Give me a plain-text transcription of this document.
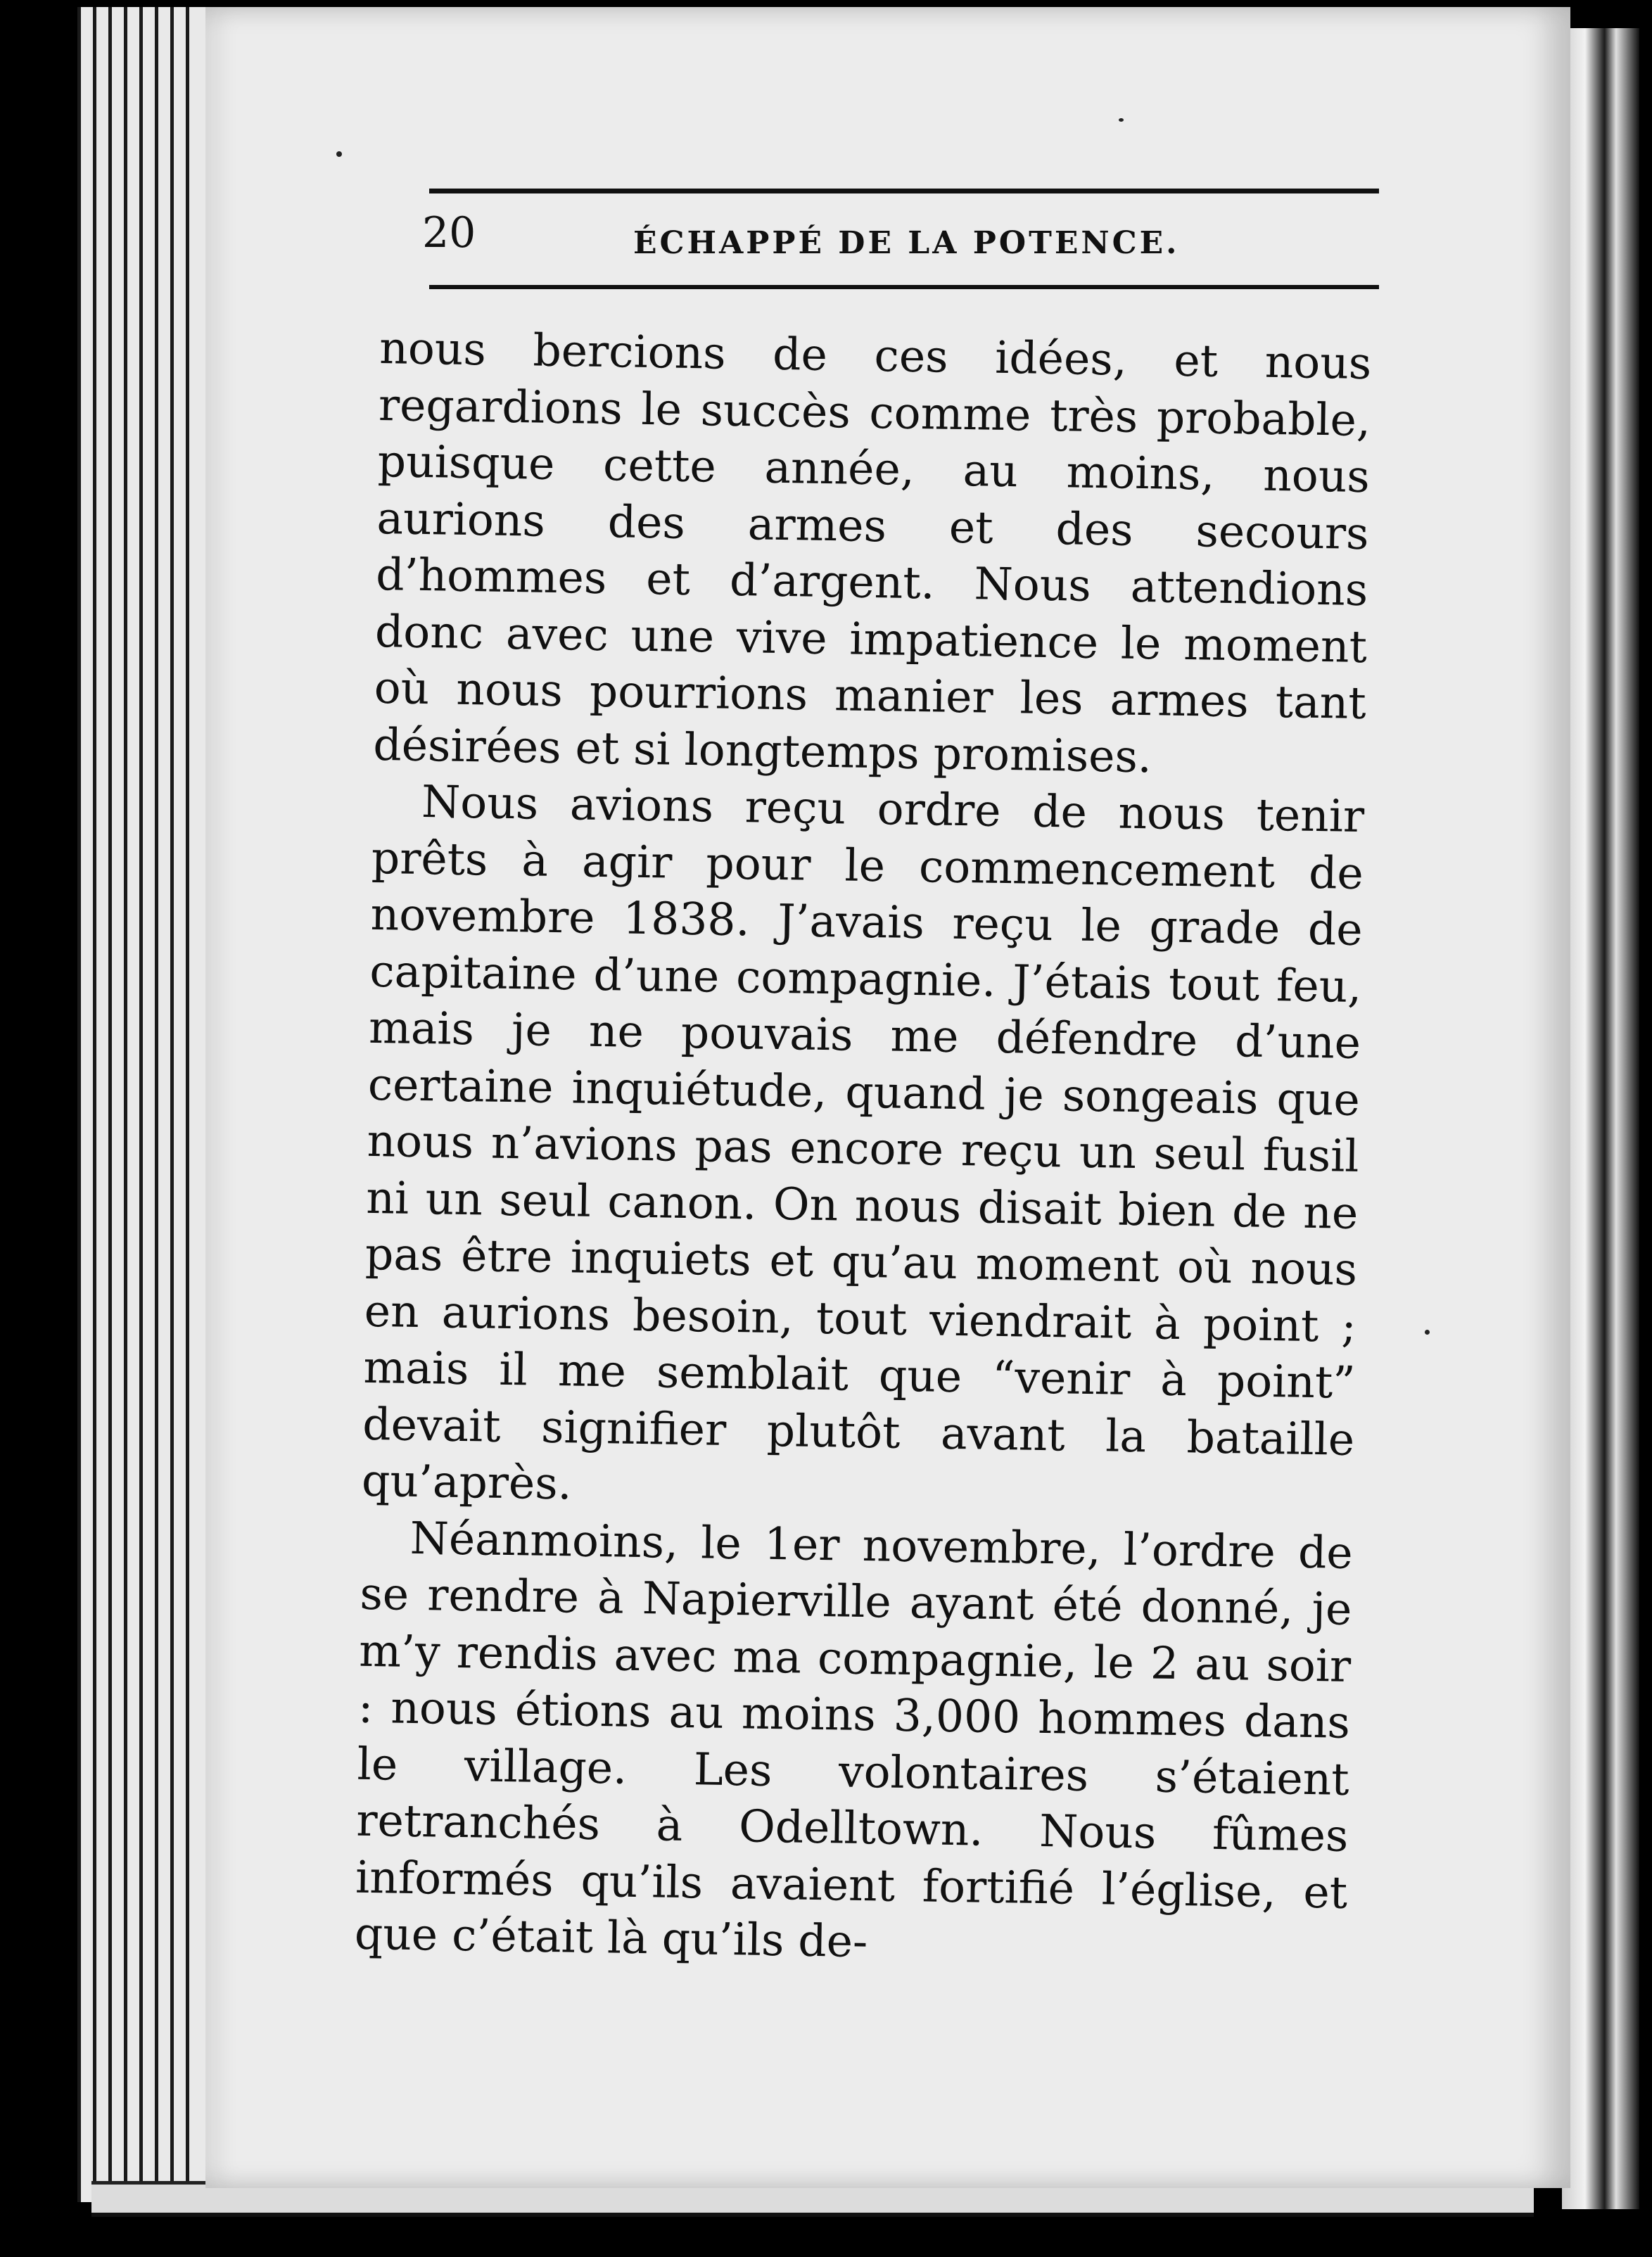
20	ÉCHAPPÉ DE LA POTENCE.

nous bercions de ces idées, et nous regardions le succès comme très probable, puisque cette année, au moins, nous aurions des armes et des secours d’hommes et d’argent. Nous attendions donc avec une vive impatience le moment où nous pourrions manier les armes tant désirées et si longtemps promises.

Nous avions reçu ordre de nous tenir prêts à agir pour le commencement de novembre 1838. J’avais reçu le grade de capitaine d’une compagnie. J’étais tout feu, mais je ne pouvais me défendre d’une certaine inquiétude, quand je songeais que nous n’avions pas encore reçu un seul fusil ni un seul canon. On nous disait bien de ne pas être inquiets et qu’au moment où nous en aurions besoin, tout viendrait à point ; mais il me semblait que “venir à point” devait signifier plutôt avant la bataille qu’après.

Néanmoins, le 1er novembre, l’ordre de se rendre à Napierville ayant été donné, je m’y rendis avec ma compagnie, le 2 au soir : nous étions au moins 3,000 hommes dans le village. Les volontaires s’étaient retranchés à Odelltown. Nous fûmes informés qu’ils avaient fortifié l’église, et que c’était là qu’ils de-
